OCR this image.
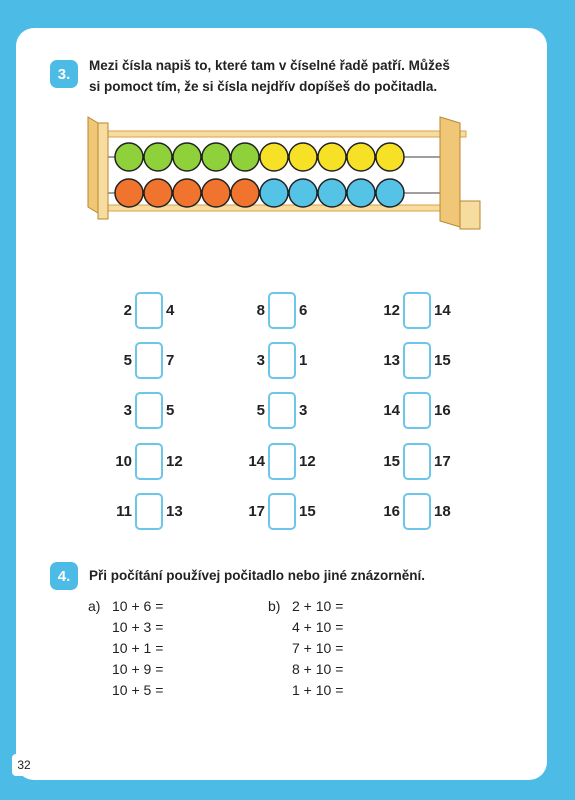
3.	Mezi čísla napiš to, které tam v číselné řadě patří. Můžeš
si pomoct tím, že si čísla nejdřív dopíšeš do počitadla.
2 4	8 6	12 14
5 7	3 1	13 15
3 5	5 3	14 16
10 12	14 12	15 17
11 13	17 15	16 18
4.	Při počítání používej počitadlo nebo jiné znázornění.
a) 10 + 6 =
10 + 3 =
10 + 1 =
10 + 9 =
10 + 5 =
b) 2 + 10 =
4 + 10 =
7 + 10 =
8 + 10 =
1 + 10 =
32
